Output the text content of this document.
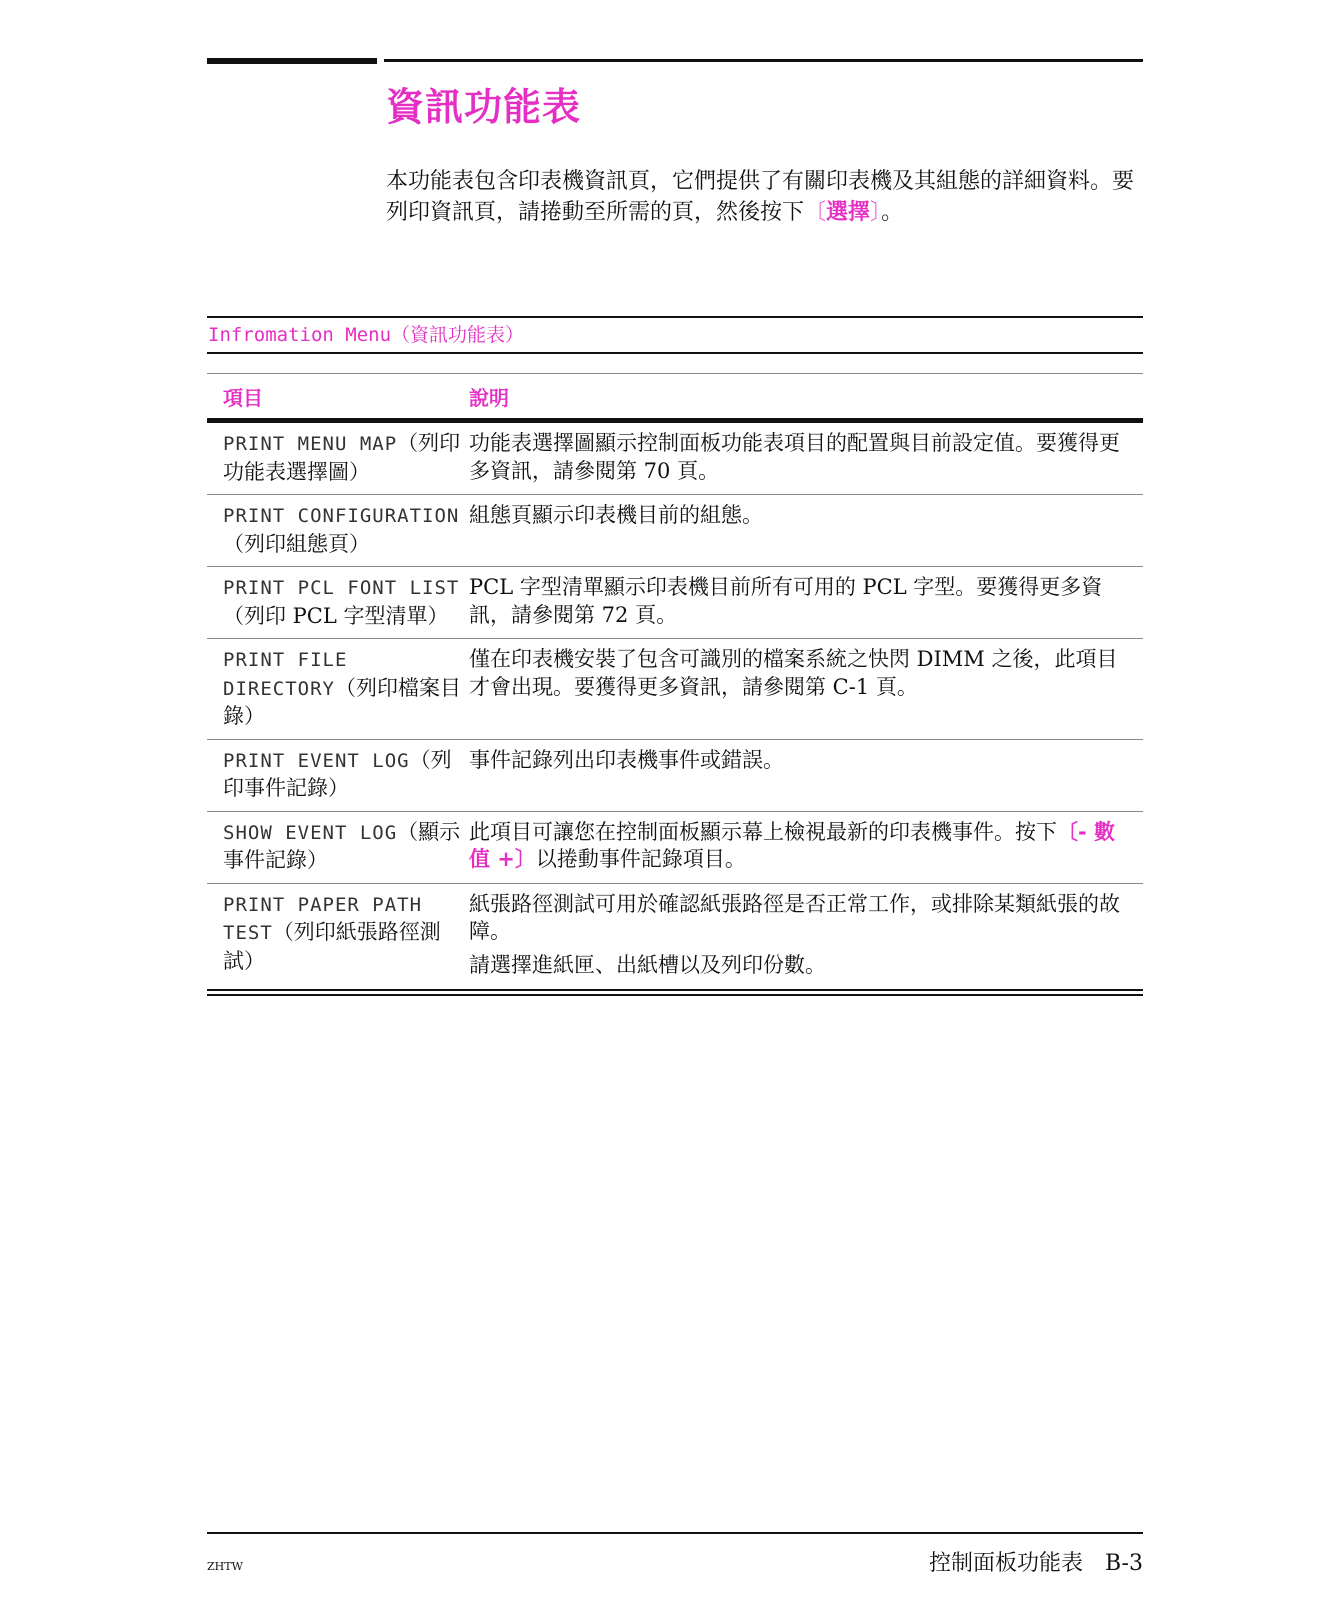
資訊功能表

本功能表包含印表機資訊頁，它們提供了有關印表機及其組態的詳細資料。要列印資訊頁，請捲動至所需的頁，然後按下〔選擇〕。

Infromation Menu（資訊功能表）
項目	說明
PRINT MENU MAP（列印功能表選擇圖）
功能表選擇圖顯示控制面板功能表項目的配置與目前設定值。要獲得更多資訊，請參閱第 70 頁。
PRINT CONFIGURATION（列印組態頁）
組態頁顯示印表機目前的組態。
PRINT PCL FONT LIST（列印 PCL 字型清單）
PCL 字型清單顯示印表機目前所有可用的 PCL 字型。要獲得更多資訊，請參閱第 72 頁。
PRINT FILE DIRECTORY（列印檔案目錄）
僅在印表機安裝了包含可識別的檔案系統之快閃 DIMM 之後，此項目才會出現。要獲得更多資訊，請參閱第 C-1 頁。
PRINT EVENT LOG（列印事件記錄）
事件記錄列出印表機事件或錯誤。
SHOW EVENT LOG（顯示事件記錄）
此項目可讓您在控制面板顯示幕上檢視最新的印表機事件。按下〔- 數值 +〕以捲動事件記錄項目。
PRINT PAPER PATH TEST（列印紙張路徑測試）
紙張路徑測試可用於確認紙張路徑是否正常工作，或排除某類紙張的故障。
請選擇進紙匣、出紙槽以及列印份數。
ZHTW	控制面板功能表　B-3
